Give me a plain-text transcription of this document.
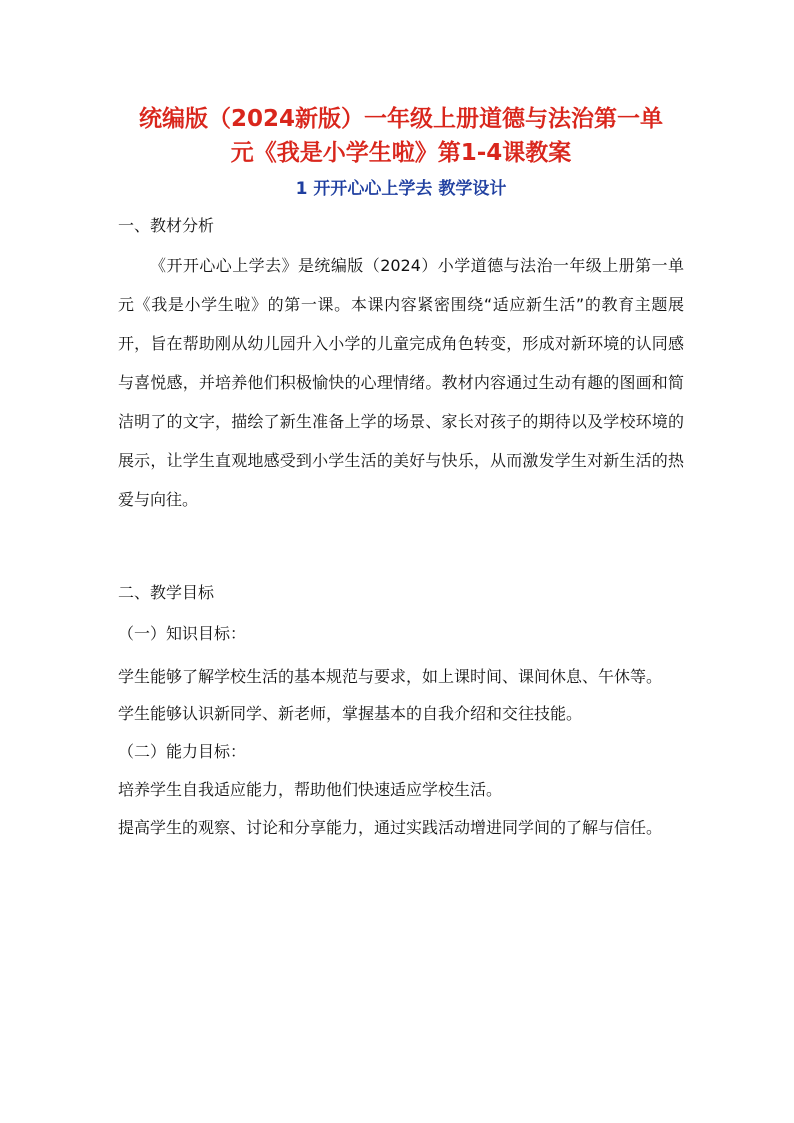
统编版（2024新版）一年级上册道德与法治第一单
元《我是小学生啦》第1-4课教案
1 开开心心上学去 教学设计
一、教材分析

《开开心心上学去》是统编版（2024）小学道德与法治一年级上册第一单元《我是小学生啦》的第一课。本课内容紧密围绕“适应新生活”的教育主题展开，旨在帮助刚从幼儿园升入小学的儿童完成角色转变，形成对新环境的认同感与喜悦感，并培养他们积极愉快的心理情绪。教材内容通过生动有趣的图画和简洁明了的文字，描绘了新生准备上学的场景、家长对孩子的期待以及学校环境的展示，让学生直观地感受到小学生活的美好与快乐，从而激发学生对新生活的热爱与向往。

二、教学目标
（一）知识目标：

学生能够了解学校生活的基本规范与要求，如上课时间、课间休息、午休等。

学生能够认识新同学、新老师，掌握基本的自我介绍和交往技能。

（二）能力目标：

培养学生自我适应能力，帮助他们快速适应学校生活。

提高学生的观察、讨论和分享能力，通过实践活动增进同学间的了解与信任。
